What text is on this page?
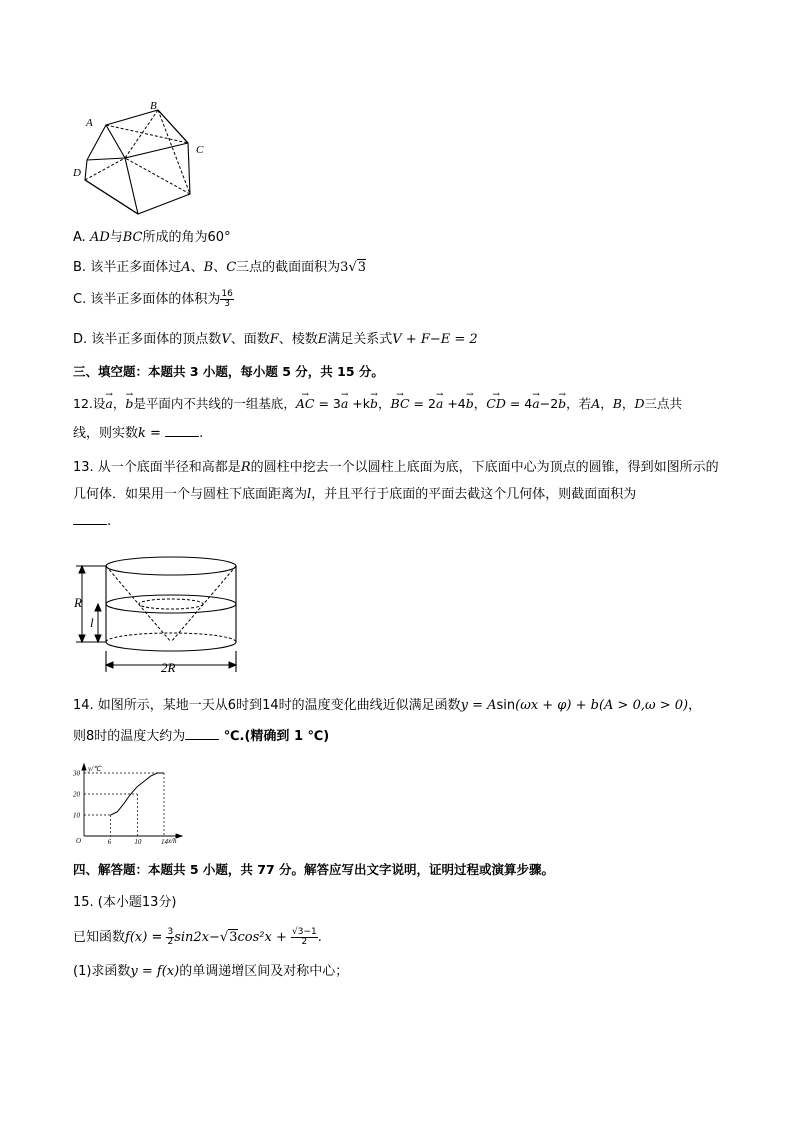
A
B
C
D
A. AD与BC所成的角为60°
B. 该半正多面体过A、B、C三点的截面面积为3√3
C. 该半正多面体的体积为 $\frac{16}{3}$
D. 该半正多面体的顶点数V、面数F、棱数E满足关系式V + F−E = 2
三、填空题：本题共 3 小题，每小题 5 分，共 15 分。
12.设→ a，→ b是平面内不共线的一组基底，→ AC = 3→ a +k→ b，→ BC = 2→ a +4→ b，→ CD = 4→ a−2→ b，若A，B，D三点共
线，则实数k =	.
13. 从一个底面半径和高都是R的圆柱中挖去一个以圆柱上底面为底，下底面中心为顶点的圆锥，得到如图所示的几何体．如果用一个与圆柱下底面距离为l，并且平行于底面的平面去截这个几何体，则截面面积为
.
R
l
2R
14. 如图所示，某地一天从6时到14时的温度变化曲线近似满足函数y = Asin(ωx + φ) + b(A > 0,ω > 0)，
则8时的温度大约为	℃.(精确到 1 ℃)
6	10	14
10
20
30
y/℃
x/h
O
四、解答题：本题共 5 小题，共 77 分。解答应写出文字说明，证明过程或演算步骤。
15. (本小题13分)
已知函数$f(x) = \frac{3}{2} \sin 2x-√3\cos^2x + \frac{√3-1}{2}$ .
(1)求函数y = f(x)的单调递增区间及对称中心；
